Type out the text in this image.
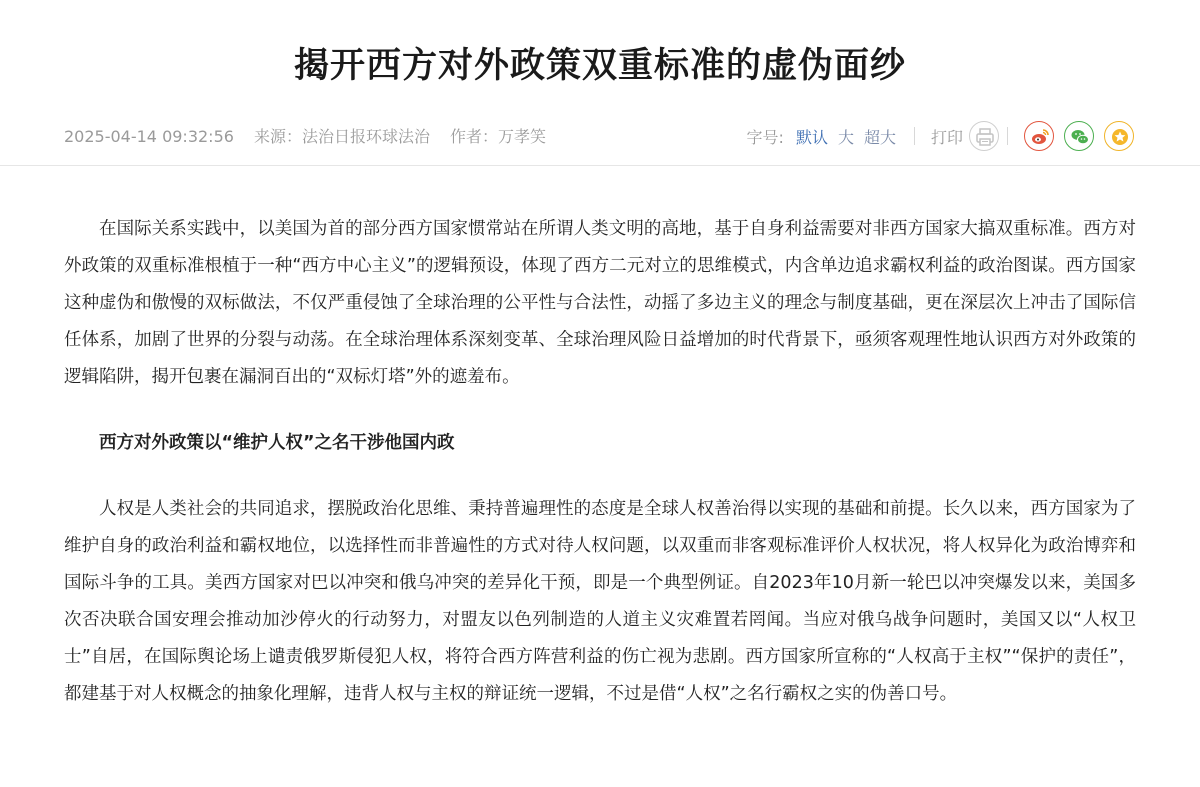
揭开西方对外政策双重标准的虚伪面纱
2025-04-14 09:32:56 来源：法治日报环球法治 作者：万孝笑	字号: 默认 大 超大 打印

在国际关系实践中，以美国为首的部分西方国家惯常站在所谓人类文明的高地，基于自身利益需要对非西方国家大搞双重标准。西方对外政策的双重标准根植于一种“西方中心主义”的逻辑预设，体现了西方二元对立的思维模式，内含单边追求霸权利益的政治图谋。西方国家这种虚伪和傲慢的双标做法，不仅严重侵蚀了全球治理的公平性与合法性，动摇了多边主义的理念与制度基础，更在深层次上冲击了国际信任体系，加剧了世界的分裂与动荡。在全球治理体系深刻变革、全球治理风险日益增加的时代背景下，亟须客观理性地认识西方对外政策的逻辑陷阱，揭开包裹在漏洞百出的“双标灯塔”外的遮羞布。

西方对外政策以“维护人权”之名干涉他国内政

人权是人类社会的共同追求，摆脱政治化思维、秉持普遍理性的态度是全球人权善治得以实现的基础和前提。长久以来，西方国家为了维护自身的政治利益和霸权地位，以选择性而非普遍性的方式对待人权问题，以双重而非客观标准评价人权状况，将人权异化为政治博弈和国际斗争的工具。美西方国家对巴以冲突和俄乌冲突的差异化干预，即是一个典型例证。自2023年10月新一轮巴以冲突爆发以来，美国多次否决联合国安理会推动加沙停火的行动努力，对盟友以色列制造的人道主义灾难置若罔闻。当应对俄乌战争问题时，美国又以“人权卫士”自居，在国际舆论场上谴责俄罗斯侵犯人权，将符合西方阵营利益的伤亡视为悲剧。西方国家所宣称的“人权高于主权”“保护的责任”，都建基于对人权概念的抽象化理解，违背人权与主权的辩证统一逻辑，不过是借“人权”之名行霸权之实的伪善口号。
